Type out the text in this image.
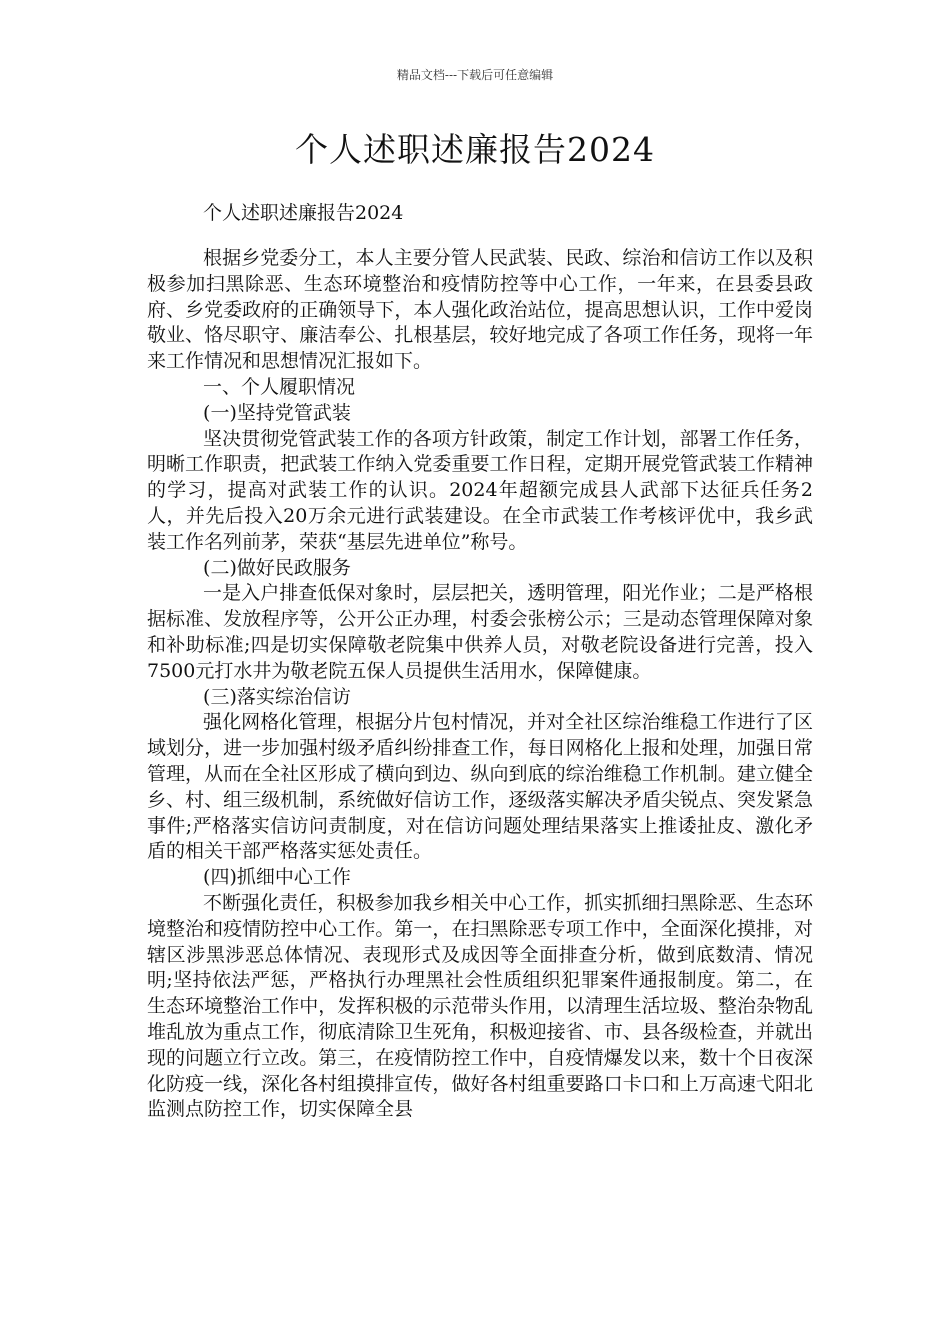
精品文档---下载后可任意编辑
个人述职述廉报告2024
个人述职述廉报告2024

根据乡党委分工，本人主要分管人民武装、民政、综治和信访工作以及积极参加扫黑除恶、生态环境整治和疫情防控等中心工作，一年来，在县委县政府、乡党委政府的正确领导下，本人强化政治站位，提高思想认识，工作中爱岗敬业、恪尽职守、廉洁奉公、扎根基层，较好地完成了各项工作任务，现将一年来工作情况和思想情况汇报如下。

一、个人履职情况

(一)坚持党管武装

坚决贯彻党管武装工作的各项方针政策，制定工作计划，部署工作任务，明晰工作职责，把武装工作纳入党委重要工作日程，定期开展党管武装工作精神的学习，提高对武装工作的认识。2024年超额完成县人武部下达征兵任务2人，并先后投入20万余元进行武装建设。在全市武装工作考核评优中，我乡武装工作名列前茅，荣获“基层先进单位”称号。

(二)做好民政服务

一是入户排查低保对象时，层层把关，透明管理，阳光作业；二是严格根据标准、发放程序等，公开公正办理，村委会张榜公示；三是动态管理保障对象和补助标准;四是切实保障敬老院集中供养人员，对敬老院设备进行完善，投入7500元打水井为敬老院五保人员提供生活用水，保障健康。

(三)落实综治信访

强化网格化管理，根据分片包村情况，并对全社区综治维稳工作进行了区域划分，进一步加强村级矛盾纠纷排查工作，每日网格化上报和处理，加强日常管理，从而在全社区形成了横向到边、纵向到底的综治维稳工作机制。建立健全乡、村、组三级机制，系统做好信访工作，逐级落实解决矛盾尖锐点、突发紧急事件;严格落实信访问责制度，对在信访问题处理结果落实上推诿扯皮、激化矛盾的相关干部严格落实惩处责任。

(四)抓细中心工作

不断强化责任，积极参加我乡相关中心工作，抓实抓细扫黑除恶、生态环境整治和疫情防控中心工作。第一，在扫黑除恶专项工作中，全面深化摸排，对辖区涉黑涉恶总体情况、表现形式及成因等全面排查分析，做到底数清、情况明;坚持依法严惩，严格执行办理黑社会性质组织犯罪案件通报制度。第二，在生态环境整治工作中，发挥积极的示范带头作用，以清理生活垃圾、整治杂物乱堆乱放为重点工作，彻底清除卫生死角，积极迎接省、市、县各级检查，并就出现的问题立行立改。第三，在疫情防控工作中，自疫情爆发以来，数十个日夜深化防疫一线，深化各村组摸排宣传，做好各村组重要路口卡口和上万高速弋阳北监测点防控工作，切实保障全县
